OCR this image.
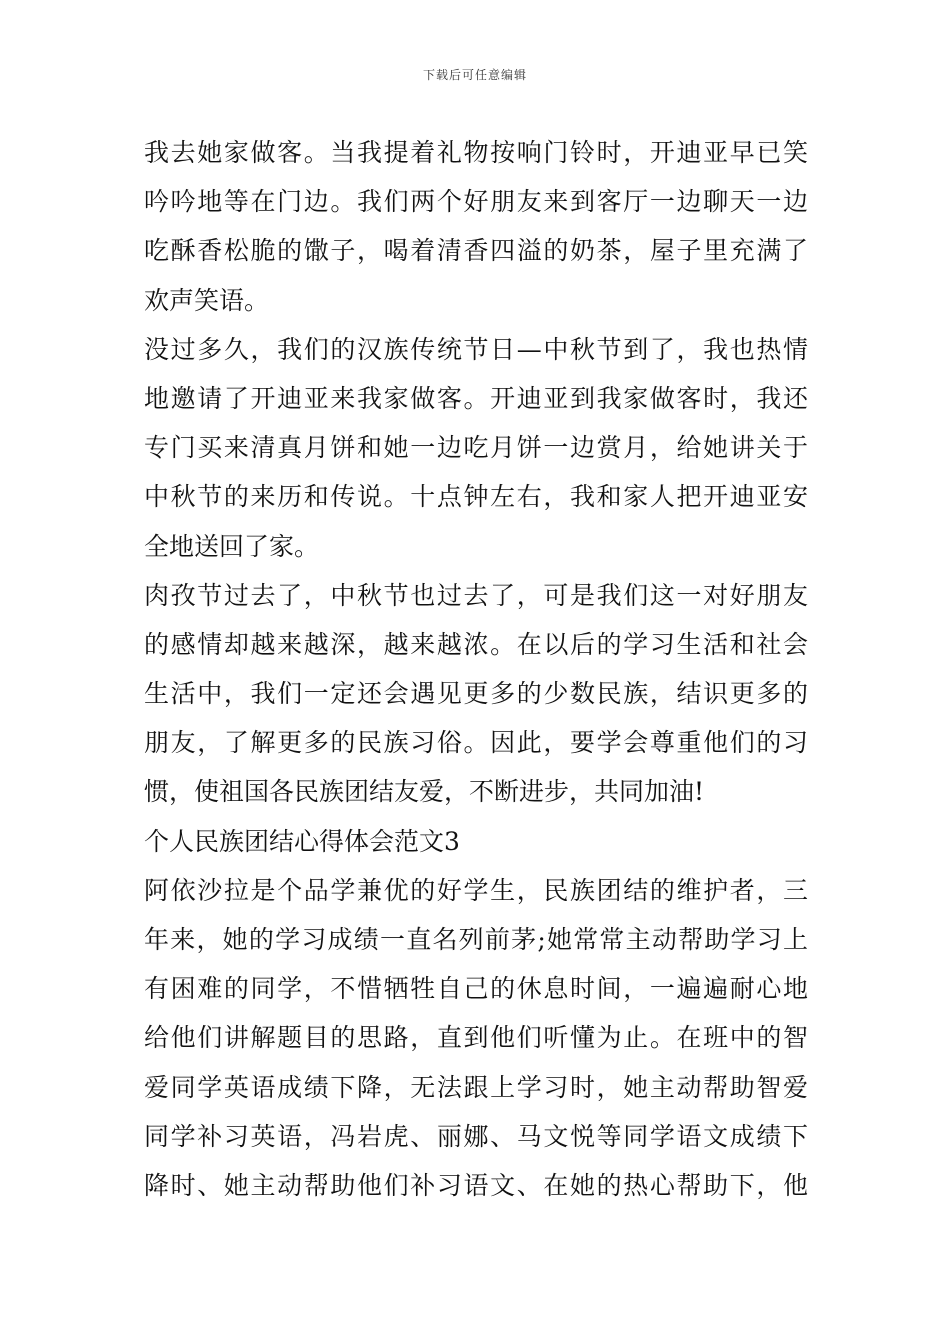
下载后可任意编辑
我去她家做客。当我提着礼物按响门铃时，开迪亚早已笑
吟吟地等在门边。我们两个好朋友来到客厅一边聊天一边
吃酥香松脆的馓子，喝着清香四溢的奶茶，屋子里充满了
欢声笑语。
没过多久，我们的汉族传统节日—中秋节到了，我也热情
地邀请了开迪亚来我家做客。开迪亚到我家做客时，我还
专门买来清真月饼和她一边吃月饼一边赏月，给她讲关于
中秋节的来历和传说。十点钟左右，我和家人把开迪亚安
全地送回了家。
肉孜节过去了，中秋节也过去了，可是我们这一对好朋友
的感情却越来越深，越来越浓。在以后的学习生活和社会
生活中，我们一定还会遇见更多的少数民族，结识更多的
朋友，了解更多的民族习俗。因此，要学会尊重他们的习
惯，使祖国各民族团结友爱，不断进步，共同加油!
个人民族团结心得体会范文3
阿依沙拉是个品学兼优的好学生，民族团结的维护者，三
年来，她的学习成绩一直名列前茅;她常常主动帮助学习上
有困难的同学，不惜牺牲自己的休息时间，一遍遍耐心地
给他们讲解题目的思路，直到他们听懂为止。在班中的智
爱同学英语成绩下降，无法跟上学习时，她主动帮助智爱
同学补习英语，冯岩虎、丽娜、马文悦等同学语文成绩下
降时、她主动帮助他们补习语文、在她的热心帮助下，他
